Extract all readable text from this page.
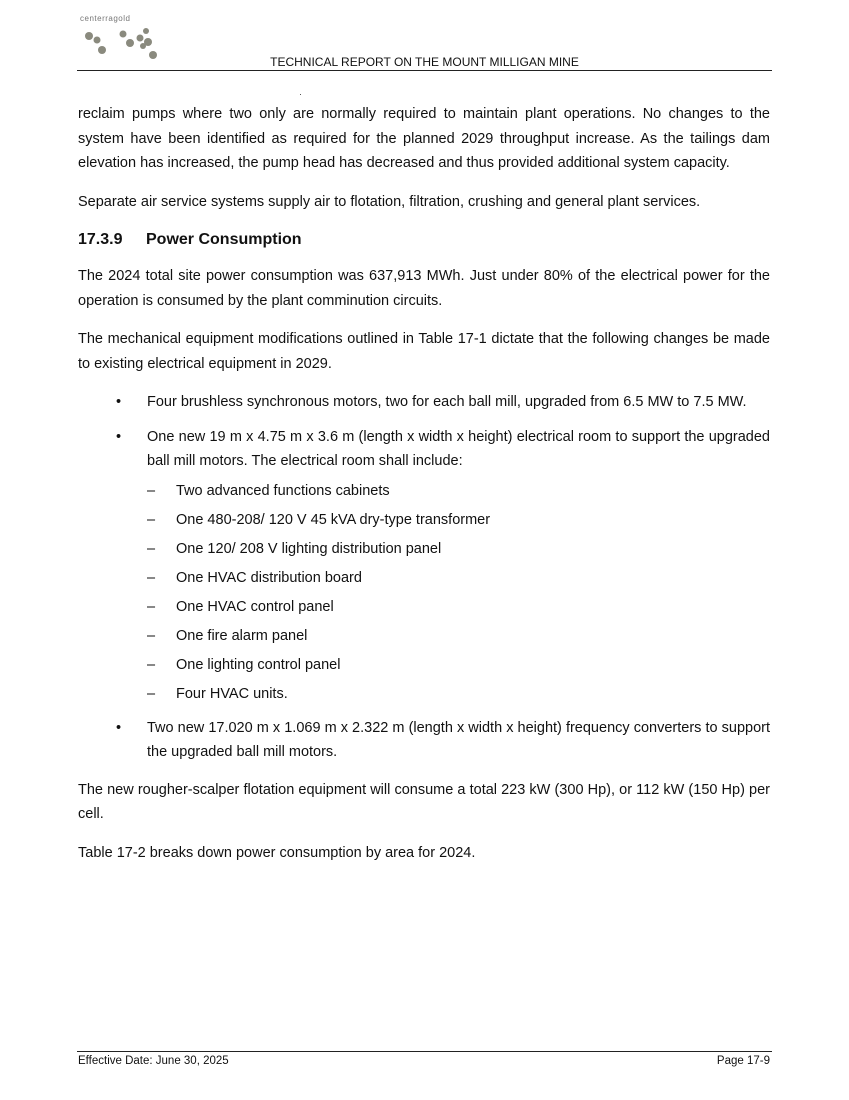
centerragold
TECHNICAL REPORT ON THE MOUNT MILLIGAN MINE

reclaim pumps where two only are normally required to maintain plant operations. No changes to the system have been identified as required for the planned 2029 throughput increase. As the tailings dam elevation has increased, the pump head has decreased and thus provided additional system capacity.

Separate air service systems supply air to flotation, filtration, crushing and general plant services.

17.3.9 Power Consumption

The 2024 total site power consumption was 637,913 MWh. Just under 80% of the electrical power for the operation is consumed by the plant comminution circuits.

The mechanical equipment modifications outlined in Table 17-1 dictate that the following changes be made to existing electrical equipment in 2029.

• Four brushless synchronous motors, two for each ball mill, upgraded from 6.5 MW to 7.5 MW.
• One new 19 m x 4.75 m x 3.6 m (length x width x height) electrical room to support the upgraded ball mill motors. The electrical room shall include:
– Two advanced functions cabinets
– One 480-208/ 120 V 45 kVA dry-type transformer
– One 120/ 208 V lighting distribution panel
– One HVAC distribution board
– One HVAC control panel
– One fire alarm panel
– One lighting control panel
– Four HVAC units.
• Two new 17.020 m x 1.069 m x 2.322 m (length x width x height) frequency converters to support the upgraded ball mill motors.

The new rougher-scalper flotation equipment will consume a total 223 kW (300 Hp), or 112 kW (150 Hp) per cell.

Table 17-2 breaks down power consumption by area for 2024.

Effective Date: June 30, 2025	Page 17-9
